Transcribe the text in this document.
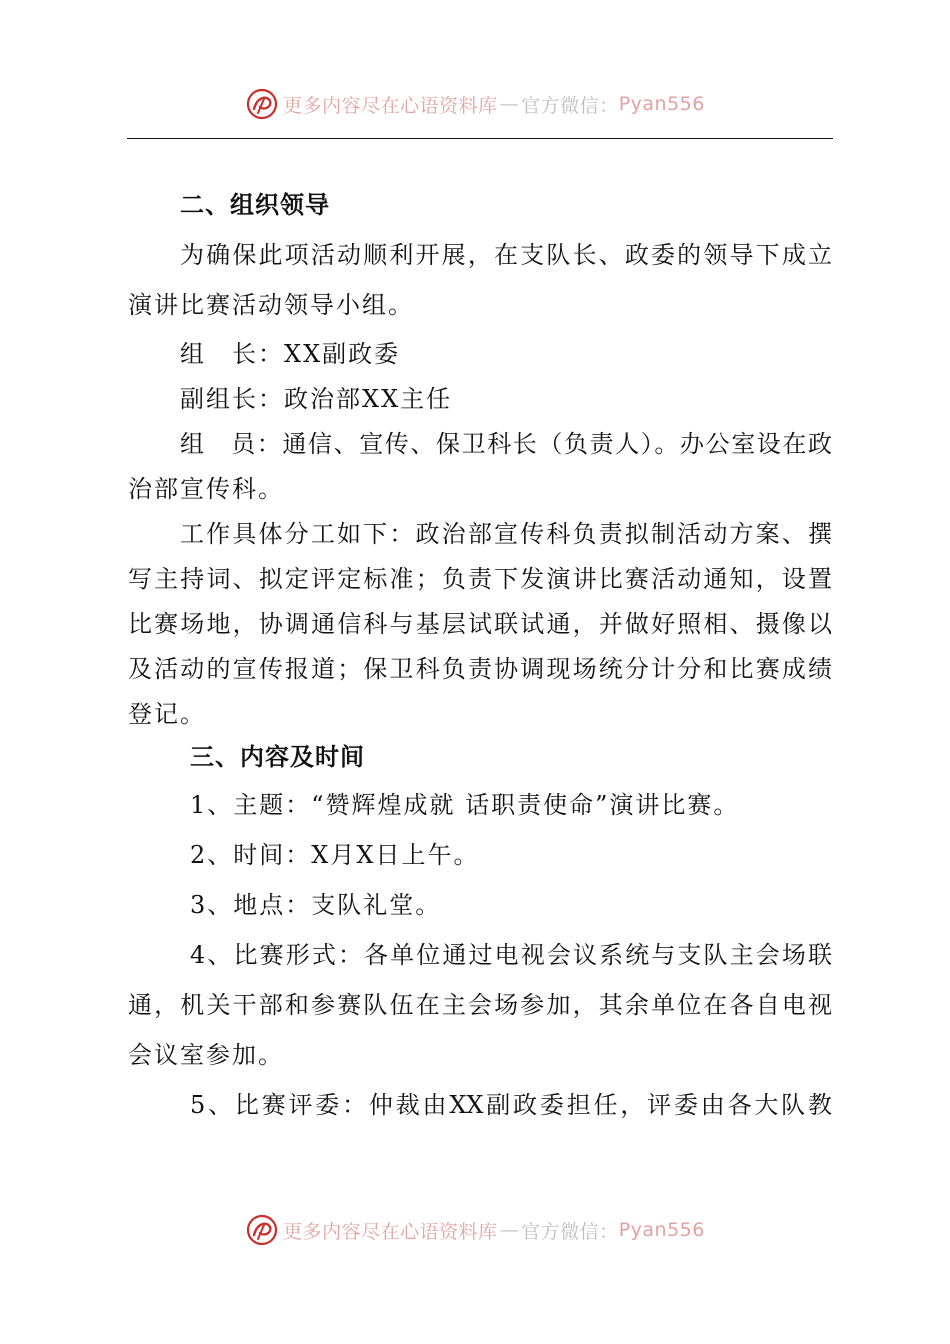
更多内容尽在心语资料库 — 官方微信： Pyan556
二、组织领导
为确保此项活动顺利开展，在支队长、政委的领导下成立
演讲比赛活动领导小组。
组　长：XX副政委
副组长：政治部XX主任
组　员：通信、宣传、保卫科长（负责人）。办公室设在政
治部宣传科。
工作具体分工如下：政治部宣传科负责拟制活动方案、撰
写主持词、拟定评定标准；负责下发演讲比赛活动通知，设置
比赛场地，协调通信科与基层试联试通，并做好照相、摄像以
及活动的宣传报道；保卫科负责协调现场统分计分和比赛成绩
登记。
三、内容及时间
1、主题：“赞辉煌成就 话职责使命”演讲比赛。
2、时间：X月X日上午。
3、地点：支队礼堂。
4、比赛形式：各单位通过电视会议系统与支队主会场联
通，机关干部和参赛队伍在主会场参加，其余单位在各自电视
会议室参加。
5、比赛评委：仲裁由XX副政委担任，评委由各大队教
更多内容尽在心语资料库 — 官方微信： Pyan556
